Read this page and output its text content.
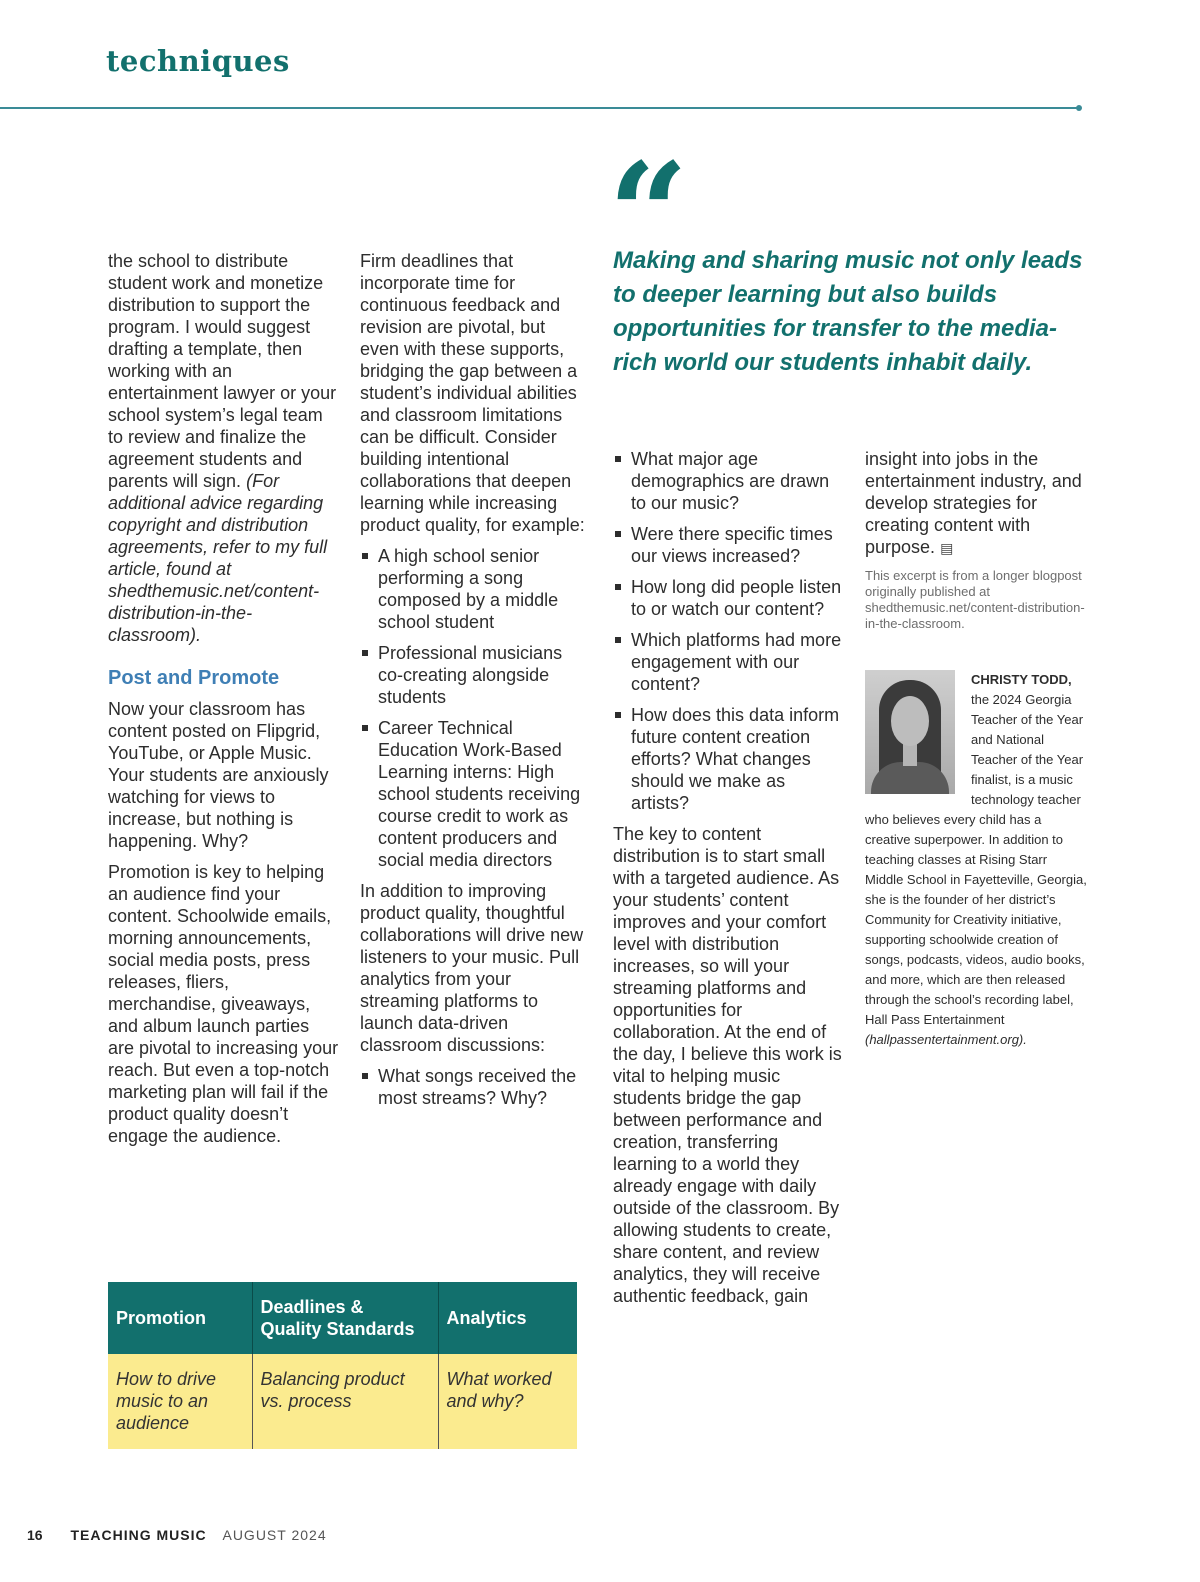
techniques

the school to distribute student work and monetize distribution to support the program. I would suggest drafting a template, then working with an entertainment lawyer or your school system’s legal team to review and finalize the agreement students and parents will sign. (For additional advice regarding copyright and distribution agreements, refer to my full article, found at shedthemusic.net/content-distribution-in-the-classroom).

Post and Promote

Now your classroom has content posted on Flipgrid, YouTube, or Apple Music. Your students are anxiously watching for views to increase, but nothing is happening. Why?

Promotion is key to helping an audience find your content. Schoolwide emails, morning announcements, social media posts, press releases, fliers, merchandise, giveaways, and album launch parties are pivotal to increasing your reach. But even a top-notch marketing plan will fail if the product quality doesn’t engage the audience.

Firm deadlines that incorporate time for continuous feedback and revision are pivotal, but even with these supports, bridging the gap between a student’s individual abilities and classroom limitations can be difficult. Consider building intentional collaborations that deepen learning while increasing product quality, for example:

A high school senior performing a song composed by a middle school student
Professional musicians co-creating alongside students
Career Technical Education Work-Based Learning interns: High school students receiving course credit to work as content producers and social media directors

In addition to improving product quality, thoughtful collaborations will drive new listeners to your music. Pull analytics from your streaming platforms to launch data-driven classroom discussions:

What songs received the most streams? Why?
“

Making and sharing music not only leads to deeper learning but also builds opportunities for transfer to the media-rich world our students inhabit daily.

What major age demographics are drawn to our music?
Were there specific times our views increased?
How long did people listen to or watch our content?
Which platforms had more engagement with our content?
How does this data inform future content creation efforts? What changes should we make as artists?

The key to content distribution is to start small with a targeted audience. As your students’ content improves and your comfort level with distribution increases, so will your streaming platforms and opportunities for collaboration. At the end of the day, I believe this work is vital to helping music students bridge the gap between performance and creation, transferring learning to a world they already engage with daily outside of the classroom. By allowing students to create, share content, and review analytics, they will receive authentic feedback, gain

insight into jobs in the entertainment industry, and develop strategies for creating content with purpose. ▤

This excerpt is from a longer blogpost originally published at shedthemusic.net/content-distribution-in-the-classroom.

CHRISTY TODD, the 2024 Georgia Teacher of the Year and National Teacher of the Year finalist, is a music technology teacher who believes every child has a creative superpower. In addition to teaching classes at Rising Starr Middle School in Fayetteville, Georgia, she is the founder of her district’s Community for Creativity initiative, supporting schoolwide creation of songs, podcasts, videos, audio books, and more, which are then released through the school’s recording label, Hall Pass Entertainment (hallpassentertainment.org).
Promotion	Deadlines & Quality Standards	Analytics
How to drive music to an audience	Balancing product vs. process	What worked and why?
16 TEACHING MUSIC AUGUST 2024
